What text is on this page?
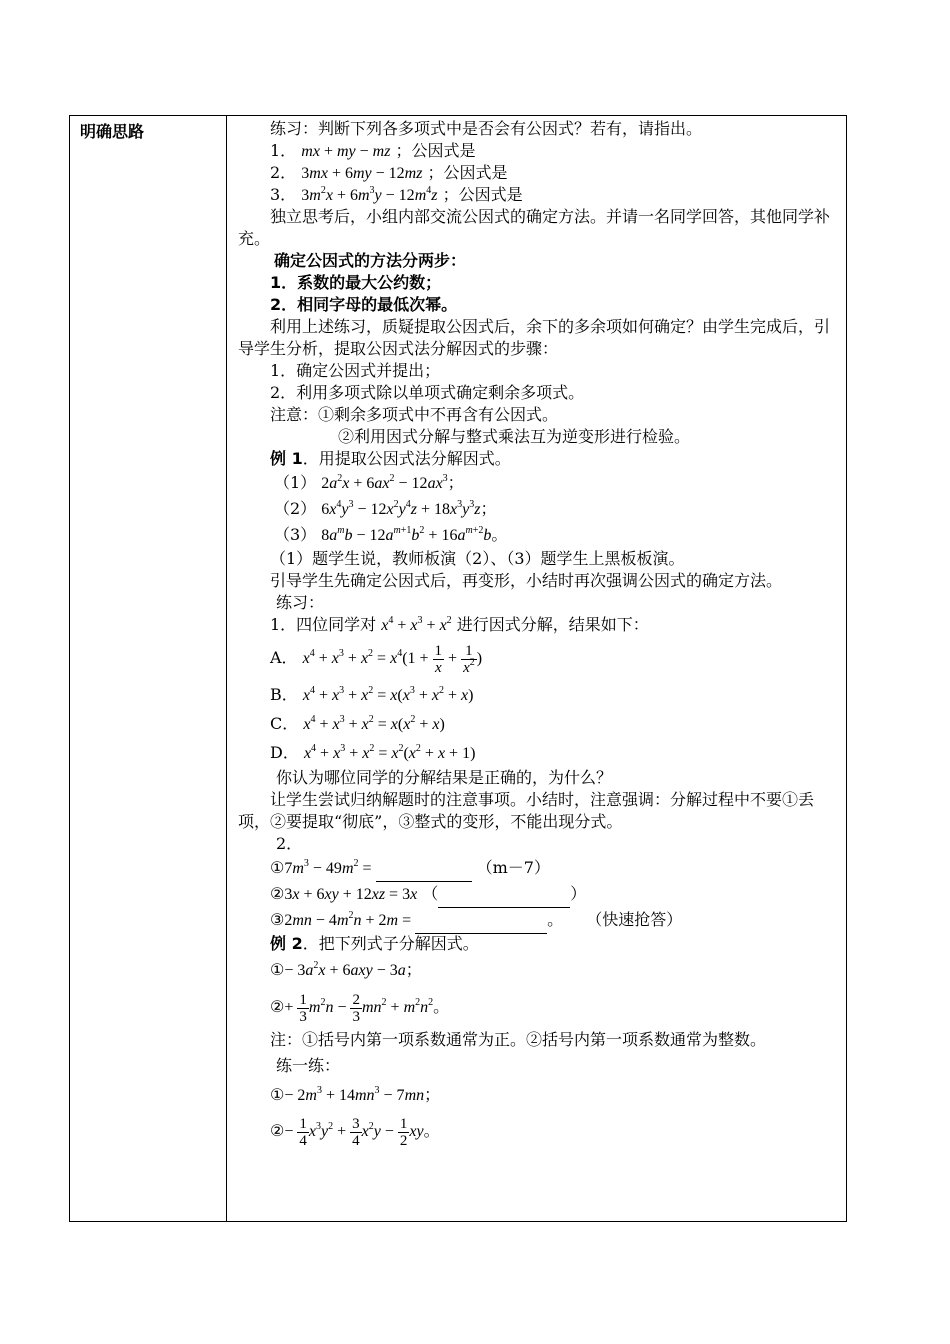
明确思路	练习：判断下列各多项式中是否会有公因式？若有，请指出。
1． mx + my − mz ；公因式是
2． 3mx + 6my − 12mz ；公因式是
3． $3m^2x + 6m^3y - 12m^4z$ ；公因式是

独立思考后，小组内部交流公因式的确定方法。并请一名同学回答，其他同学补充。

确定公因式的方法分两步：
1．系数的最大公约数；
2．相同字母的最低次幂。

利用上述练习，质疑提取公因式后，余下的多余项如何确定？由学生完成后，引导学生分析，提取公因式法分解因式的步骤：

1．确定公因式并提出；
2．利用多项式除以单项式确定剩余多项式。
注意：①剩余多项式中不再含有公因式。
②利用因式分解与整式乘法互为逆变形进行检验。
例 1．用提取公因式法分解因式。
（1） $2a^2x + 6ax^2 - 12ax^3$；
（2） $6x^4y^3 - 12x^2y^4z + 18x^3y^3z$；
（3） $8a^mb - 12a^{m+1}b^2 + 16a^{m+2}b$。
（1）题学生说，教师板演（2）、（3）题学生上黑板板演。

引导学生先确定公因式后，再变形，小结时再次强调公因式的确定方法。

练习：
1．四位同学对 $x^4 + x^3 + x^2$ 进行因式分解，结果如下：
A． $x^4 + x^3 + x^2 = x^4(1 + \frac{1}{x} + \frac{1}{x^2}$ )
B． $x^4 + x^3 + x^2 = x(x^3 + x^2 + x)$
C． $x^4 + x^3 + x^2 = x(x^2 + x)$
D． $x^4 + x^3 + x^2 = x^2(x^2 + x + 1)$
你认为哪位同学的分解结果是正确的，为什么？

让学生尝试归纳解题时的注意事项。小结时，注意强调：分解过程中不要①丢项，②要提取“彻底”，③整式的变形，不能出现分式。

2．
$①7m^3 - 49m^2$ =	（m－7）
②3x + 6xy + 12xz = 3x （	）
③2mn − $4m^2n + 2m$ =	。 （快速抢答）
例 2．把下列式子分解因式。
①− $3a^2x + 6axy - 3a$；
②+ $\frac{1}{3} m^2n - \frac{2}{3} mn^2 + m^2n^2$。

注：①括号内第一项系数通常为正。②括号内第一项系数通常为整数。

练一练：
①− $2m^3 + 14mn^3 - 7mn$；
②− $\frac{1}{4} x^3y^2 + \frac{3}{4} x^2y - \frac{1}{2}$ xy。
